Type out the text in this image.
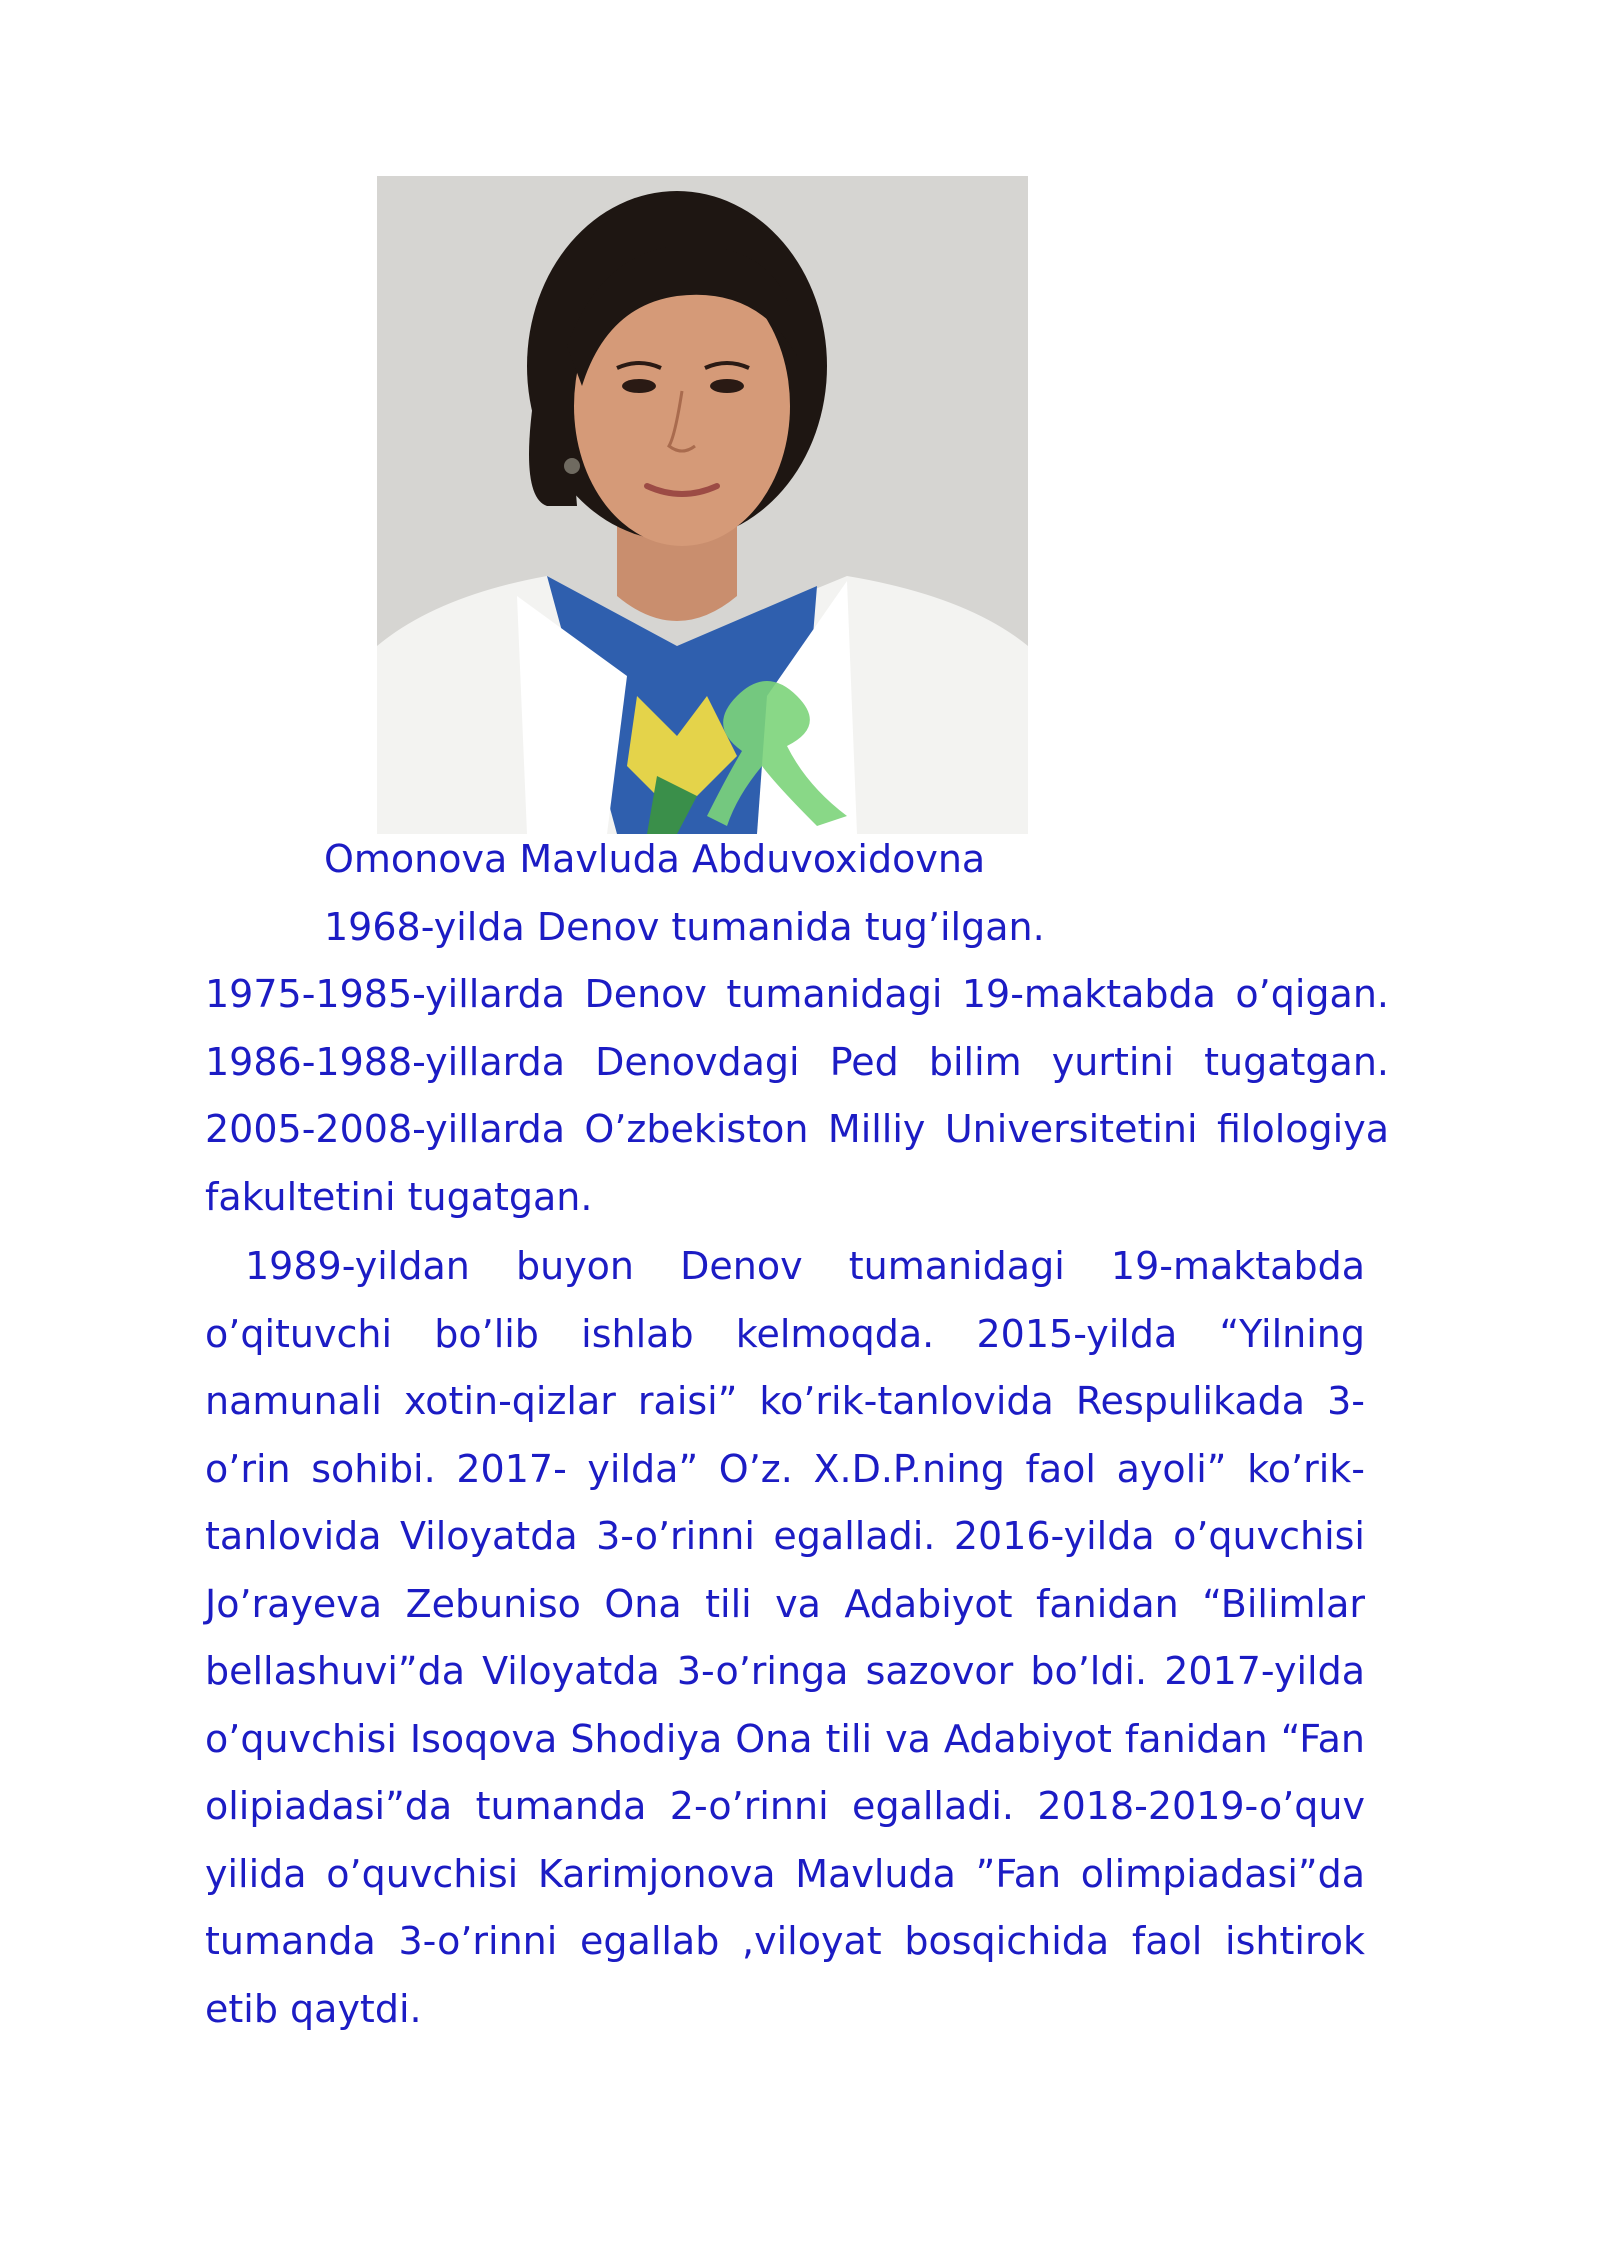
Omonova Mavluda Abduvoxidovna

1968-yilda Denov tumanida tug’ilgan.

1975-1985-yillarda Denov tumanidagi 19-maktabda o’qigan. 1986-1988-yillarda Denovdagi Ped bilim yurtini tugatgan. 2005-2008-yillarda O’zbekiston Milliy Universitetini filologiya fakultetini tugatgan.

1989-yildan buyon Denov tumanidagi 19-maktabda o’qituvchi bo’lib ishlab kelmoqda. 2015-yilda “Yilning namunali xotin-qizlar raisi” ko’rik-tanlovida Respulikada 3-o’rin sohibi. 2017- yilda” O’z. X.D.P.ning faol ayoli” ko’rik-tanlovida Viloyatda 3-o’rinni egalladi. 2016-yilda o’quvchisi Jo’rayeva Zebuniso Ona tili va Adabiyot fanidan “Bilimlar bellashuvi”da Viloyatda 3-o’ringa sazovor bo’ldi. 2017-yilda o’quvchisi Isoqova Shodiya Ona tili va Adabiyot fanidan “Fan olipiadasi”da tumanda 2-o’rinni egalladi. 2018-2019-o’quv yilida o’quvchisi Karimjonova Mavluda ”Fan olimpiadasi”da tumanda 3-o’rinni egallab ,viloyat bosqichida faol ishtirok etib qaytdi.
